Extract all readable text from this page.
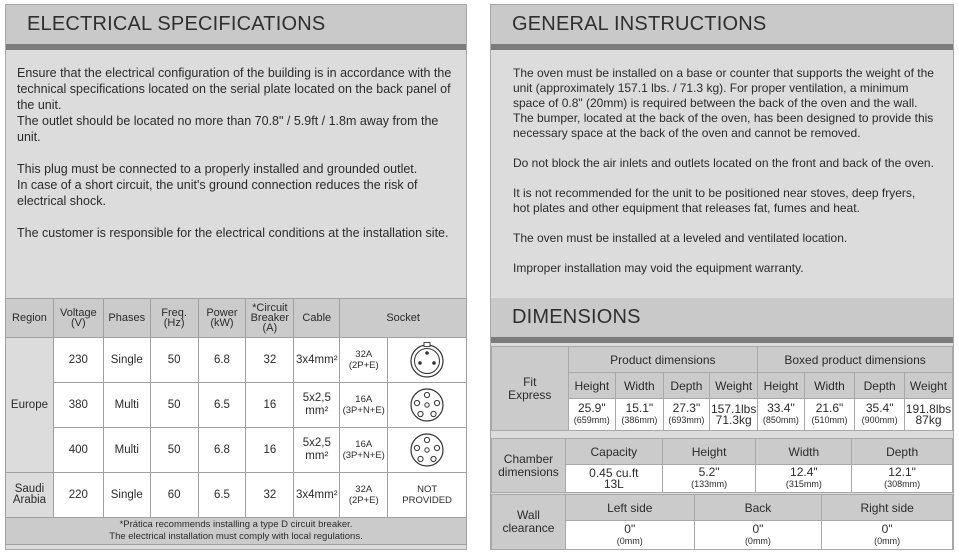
ELECTRICAL SPECIFICATIONS

Ensure that the electrical configuration of the building is in accordance with the technical specifications located on the serial plate located on the back panel of the unit.

The outlet should be located no more than 70.8" / 5.9ft / 1.8m away from the unit.

This plug must be connected to a properly installed and grounded outlet.

In case of a short circuit, the unit's ground connection reduces the risk of electrical shock.

The customer is responsible for the electrical conditions at the installation site.

Region	Voltage
(V)	Phases	Freq.
(Hz)	Power
(kW)	*Circuit
Breaker
(A)	Cable	Socket	
Europe	230	Single	50	6.8	32	3x4mm²	32A
(2P+E)	

	380	Multi	50	6.5	16	5x2,5
mm²	16A
(3P+N+E)	

	400	Multi	50	6.8	16	5x2,5
mm²	16A
(3P+N+E)	

Saudi
Arabia	220	Single	60	6.5	32	3x4mm²	32A
(2P+E)	NOT
PROVIDED
*Prática recommends installing a type D circuit breaker.
The electrical installation must comply with local regulations.								
GENERAL INSTRUCTIONS

The oven must be installed on a base or counter that supports the weight of the unit (approximately 157.1 lbs. / 71.3 kg). For proper ventilation, a minimum space of 0.8" (20mm) is required between the back of the oven and the wall. The bumper, located at the back of the oven, has been designed to provide this necessary space at the back of the oven and cannot be removed.

Do not block the air inlets and outlets located on the front and back of the oven.

It is not recommended for the unit to be positioned near stoves, deep fryers, hot plates and other equipment that releases fat, fumes and heat.

The oven must be installed at a leveled and ventilated location.

Improper installation may void the equipment warranty.

DIMENSIONS
Fit
Express	Product dimensions				Boxed product dimensions			
	Height	Width	Depth	Weight	Height	Width	Depth	Weight
	25.9"
(659mm)	15.1"
(386mm)	27.3"
(693mm)	157.1lbs
71.3kg	33.4"
(850mm)	21.6"
(510mm)	35.4"
(900mm)	191.8lbs
87kg
Chamber
dimensions	Capacity	Height	Width	Depth
	0.45 cu.ft
13L	5.2"
(133mm)	12.4"
(315mm)	12.1"
(308mm)
Wall
clearance	Left side	Back	Right side
	0"
(0mm)	0"
(0mm)	0"
(0mm)
